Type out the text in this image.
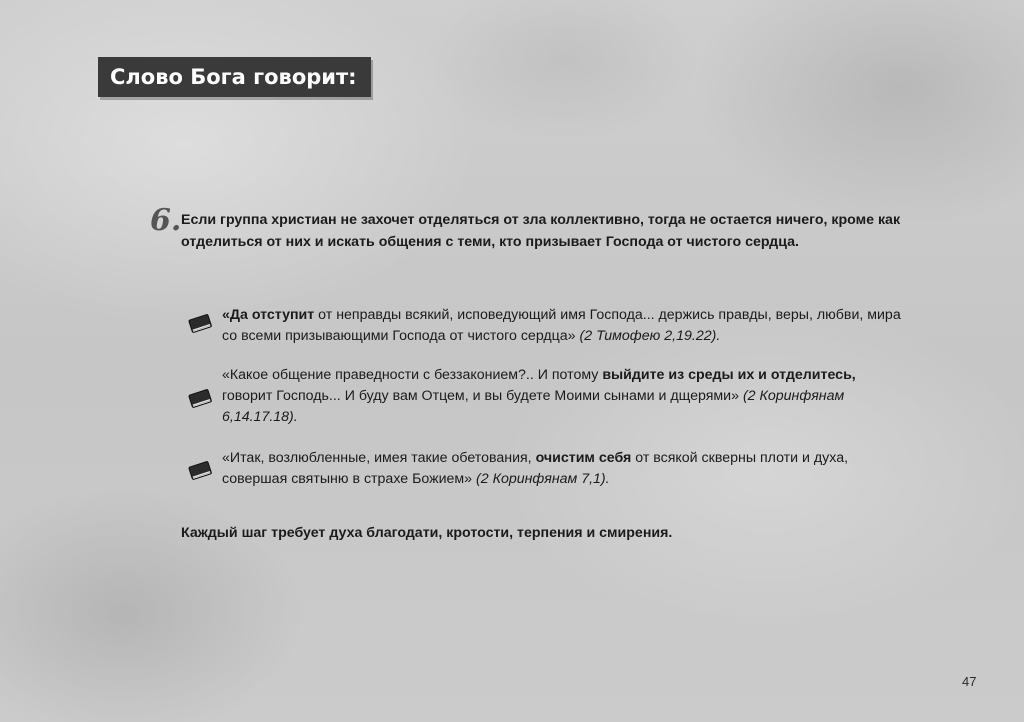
Слово Бога говорит:
6. Если группа христиан не захочет отделяться от зла коллективно, тогда не остается ничего, кроме как отделиться от них и искать общения с теми, кто призывает Господа от чистого сердца.
«Да отступит от неправды всякий, исповедующий имя Господа... держись правды, веры, любви, мира со всеми призывающими Господа от чистого сердца» (2 Тимофею 2,19.22).
«Какое общение праведности с беззаконием?.. И потому выйдите из среды их и отделитесь, говорит Господь... И буду вам Отцем, и вы будете Моими сынами и дщерями» (2 Коринфянам 6,14.17.18).
«Итак, возлюбленные, имея такие обетования, очистим себя от всякой скверны плоти и духа, совершая святыню в страхе Божием» (2 Коринфянам 7,1).
Каждый шаг требует духа благодати, кротости, терпения и смирения.
47
